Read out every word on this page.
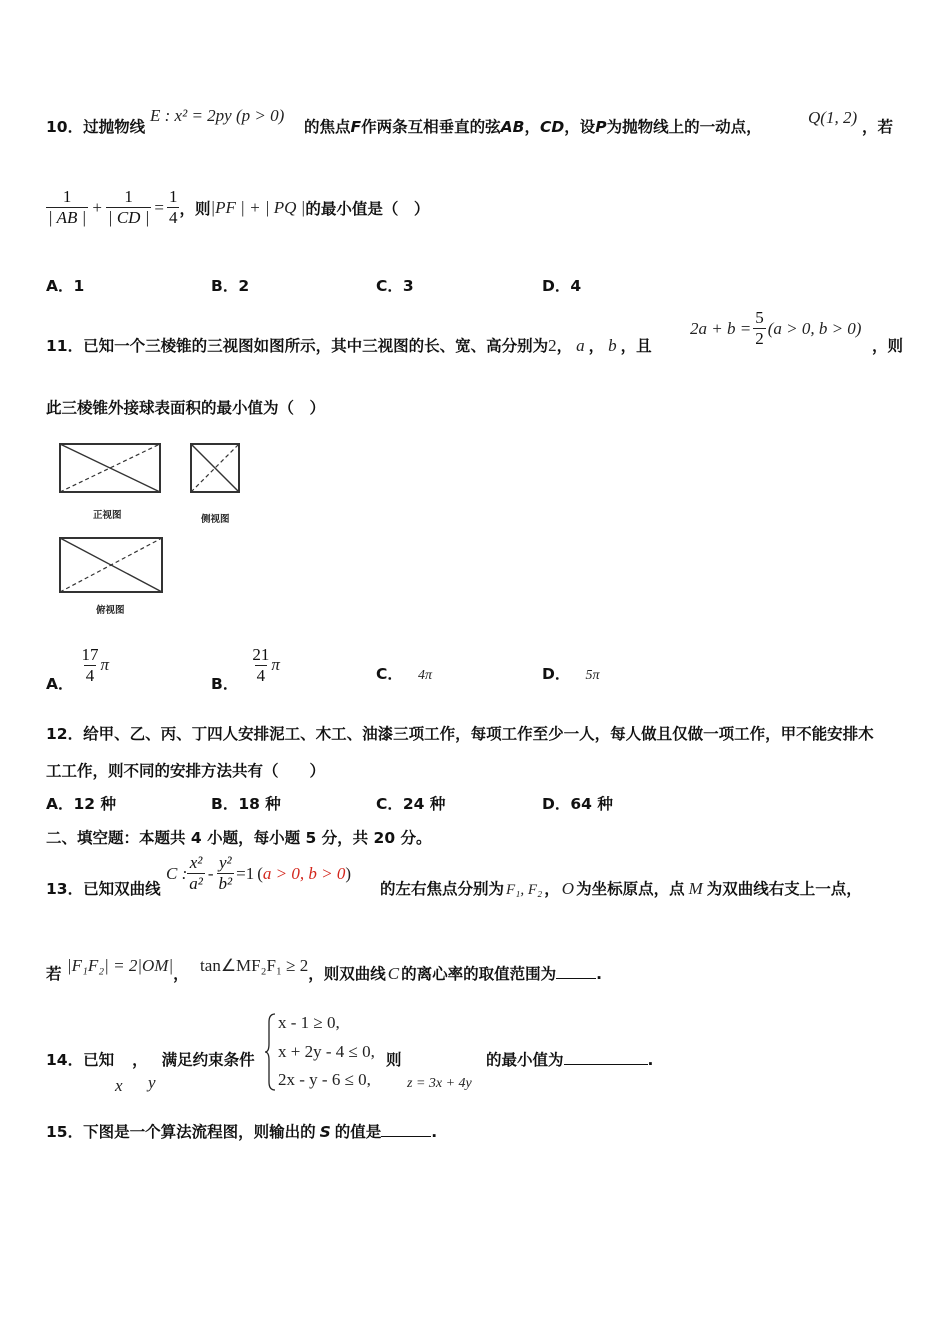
10．过抛物线
E : x² = 2py (p > 0)
的焦点F作两条互相垂直的弦AB，CD，设P为抛物线上的一动点，	Q(1, 2) ，若
$\frac{1}{| AB |} + \frac{1}{| CD |} = \frac{1}{4}$ ，则 |PF | + | PQ | 的最小值是（　）
A．1	B．2	C．3	D．4
11．已知一个三棱锥的三视图如图所示，其中三视图的长、宽、高分别为2， a ， b ，且
$2a + b = \frac{5}{2} (a > 0$, b > 0)
，则
此三棱锥外接球表面积的最小值为（　）
正视图	侧视图
俯视图
A． $\frac{17}{4}$ π
B． $\frac{21}{4}$ π	C． 4π	D． 5π
12．给甲、乙、丙、丁四人安排泥工、木工、油漆三项工作，每项工作至少一人，每人做且仅做一项工作，甲不能安排木
工工作，则不同的安排方法共有（　　）
A．12 种	B．18 种	C．24 种	D．64 种
二、填空题：本题共 4 小题，每小题 5 分，共 20 分。
13．已知双曲线
C : $\frac{\text{x²}}{\text{a²}} - \frac{\text{y²}}{\text{b²}} =1$ ( a > 0, b > 0 )
的左右焦点分别为 F₁, F₂ ， O 为坐标原点，点 M 为双曲线右支上一点，
若 |F₁F₂| = 2|OM|， tan∠MF₂F₁ ≥ 2，则双曲线 C 的离心率的取值范围为	.
14．已知 ， 满足约束条件
x y
x - 1 ≥ 0,
x + 2y - 4 ≤ 0,
2x - y - 6 ≤ 0,
则
z = 3x + 4y
的最小值为	.
15．下图是一个算法流程图，则输出的 S 的值是	.
